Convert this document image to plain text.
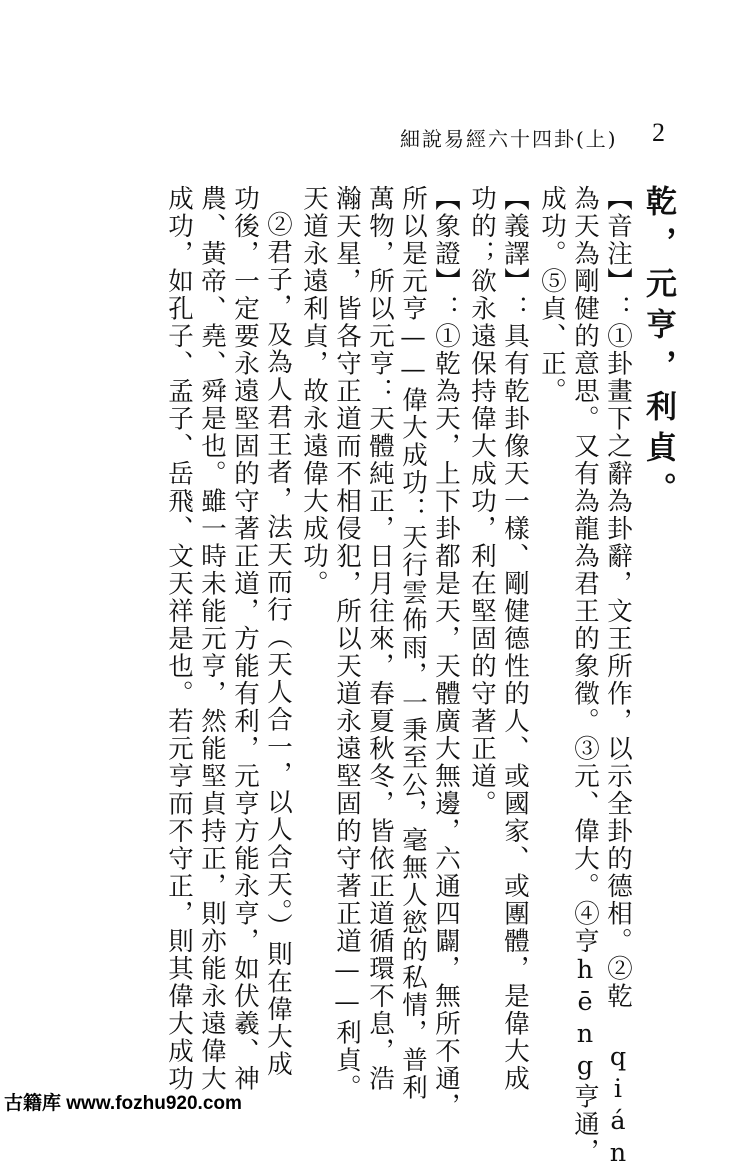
細說易經六十四卦(上) 2
乾，元亨，利貞。
【音注】：①卦畫下之辭為卦辭，文王所作，以示全卦的德相。②乾 qián
為天為剛健的意思。又有為龍為君王的象徵。③元、偉大。④亨hēng亨通，
成功。⑤貞、正。
【義譯】：具有乾卦像天一樣、剛健德性的人、或國家、或團體，是偉大成
功的；欲永遠保持偉大成功，利在堅固的守著正道。
【象證】：①乾為天，上下卦都是天，天體廣大無邊，六通四闢，無所不通，
所以是元亨——偉大成功：天行雲佈雨，一秉至公，毫無人慾的私情，普利
萬物，所以元亨：天體純正，日月往來，春夏秋冬，皆依正道循環不息，浩
瀚天星，皆各守正道而不相侵犯，所以天道永遠堅固的守著正道——利貞。
天道永遠利貞，故永遠偉大成功。
②君子，及為人君王者，法天而行（天人合一，以人合天。）則在偉大成
功後，一定要永遠堅固的守著正道，方能有利，元亨方能永亨，如伏羲、神
農、黃帝、堯、舜是也。雖一時未能元亨，然能堅貞持正，則亦能永遠偉大
成功，如孔子、孟子、岳飛、文天祥是也。若元亨而不守正，則其偉大成功
古籍库 www.fozhu920.com
